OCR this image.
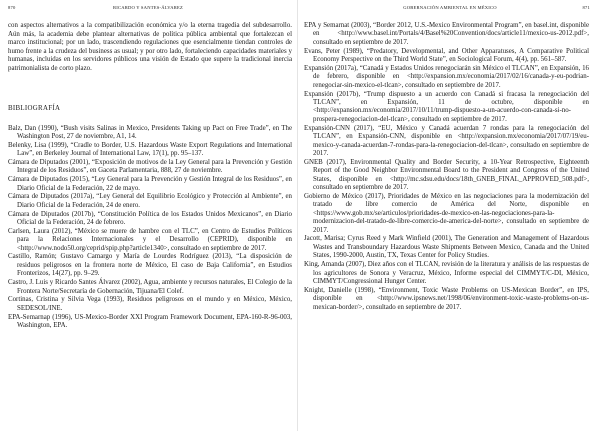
870	RICARDO Y SANTES-ÁLVAREZ

con aspectos alternativos a la compatibilización económica y/o la eterna tragedia del subdesarrollo. Aún más, la academia debe plantear alternativas de política pública ambiental que fortalezcan el marco institucional; por un lado, trascendiendo regulaciones que esencialmente tiendan controles de humo frente a la crudeza del business as usual; y por otro lado, fortaleciendo capacidades materiales y humanas, incluidas en los servidores públicos una visión de Estado que supere la tradicional inercia patrimonialista de corto plazo.

BIBLIOGRAFÍA

Balz, Dan (1990), “Bush visits Salinas in Mexico, Presidents Taking up Pact on Free Trade”, en The Washington Post, 27 de noviembre, A1, 14.

Belenky, Lisa (1999), “Cradle to Border, U.S. Hazardous Waste Export Regulations and International Law”, en Berkeley Journal of International Law, 17(1), pp. 95–137.

Cámara de Diputados (2001), “Exposición de motivos de la Ley General para la Prevención y Gestión Integral de los Residuos”, en Gaceta Parlamentaria, 888, 27 de noviembre.

Cámara de Diputados (2015), “Ley General para la Prevención y Gestión Integral de los Residuos”, en Diario Oficial de la Federación, 22 de mayo.

Cámara de Diputados (2017a), “Ley General del Equilibrio Ecológico y Protección al Ambiente”, en Diario Oficial de la Federación, 24 de enero.

Cámara de Diputados (2017b), “Constitución Política de los Estados Unidos Mexicanos”, en Diario Oficial de la Federación, 24 de febrero.

Carlsen, Laura (2012), “México se muere de hambre con el TLC”, en Centro de Estudios Políticos para la Relaciones Internacionales y el Desarrollo (CEPRID), disponible en <http://www.nodo50.org/ceprid/spip.php?article1340>, consultado en septiembre de 2017.

Castillo, Ramón; Gustavo Camargo y María de Lourdes Rodríguez (2013), “La disposición de residuos peligrosos en la frontera norte de México, El caso de Baja California”, en Estudios Fronterizos, 14(27), pp. 9–29.

Castro, J. Luis y Ricardo Santes Álvarez (2002), Agua, ambiente y recursos naturales, El Colegio de la Frontera Norte/Secretaría de Gobernación, Tijuana/El Colef.

Cortinas, Cristina y Silvia Vega (1993), Residuos peligrosos en el mundo y en México, México, SEDESOL/INE.

EPA-Semarnap (1996), US-Mexico-Border XXI Program Framework Document, EPA-160-R-96-003, Washington, EPA.

GOBERNACIÓN AMBIENTAL EN MÉXICO	871

EPA y Semarnat (2003), “Border 2012, U.S.-Mexico Environmental Program”, en basel.int, disponible en <http://www.basel.int/Portals/4/Basel%20Convention/docs/article11/mexico-us-2012.pdf>, consultado en septiembre de 2017.

Evans, Peter (1989), “Predatory, Developmental, and Other Apparatuses, A Comparative Political Economy Perspective on the Third World State”, en Sociological Forum, 4(4), pp. 561–587.

Expansión (2017a), “Canadá y Estados Unidos renegociarán sin México el TLCAN”, en Expansión, 16 de febrero, disponible en <http://expansion.mx/economia/2017/02/16/canada-y-eu-podrian-renegociar-sin-mexico-el-tlcan>, consultado en septiembre de 2017.

Expansión (2017b), “Trump dispuesto a un acuerdo con Canadá si fracasa la renegociación del TLCAN”, en Expansión, 11 de octubre, disponible en <http://expansion.mx/economia/2017/10/11/trump-dispuesto-a-un-acuerdo-con-canada-si-no-prospera-renegociacion-del-tlcan>, consultado en septiembre de 2017.

Expansión-CNN (2017), “EU, México y Canadá acuerdan 7 rondas para la renegociación del TLCAN”, en Expansión-CNN, disponible en <http://expansion.mx/economia/2017/07/19/eu-mexico-y-canada-acuerdan-7-rondas-para-la-renegociacion-del-tlcan>, consultado en septiembre de 2017.

GNEB (2017), Environmental Quality and Border Security, a 10-Year Retrospective, Eighteenth Report of the Good Neighbor Environmental Board to the President and Congress of the United States, disponible en <http://mc.sdsu.edu/docs/18th_GNEB_FINAL_APPROVED_508.pdf>, consultado en septiembre de 2017.

Gobierno de México (2017), Prioridades de México en las negociaciones para la modernización del tratado de libre comercio de América del Norte, disponible en <https://www.gob.mx/se/articulos/prioridades-de-mexico-en-las-negociaciones-para-la-modernizacion-del-tratado-de-libre-comercio-de-america-del-norte>, consultado en septiembre de 2017.

Jacott, Marisa; Cyrus Reed y Mark Winfield (2001), The Generation and Management of Hazardous Wastes and Transboundary Hazardous Waste Shipments Between Mexico, Canada and the United States, 1990-2000, Austin, TX, Texas Center for Policy Studies.

King, Amanda (2007), Diez años con el TLCAN, revisión de la literatura y análisis de las respuestas de los agricultores de Sonora y Veracruz, México, Informe especial del CIMMYT/C-DI, México, CIMMYT/Congressional Hunger Center.

Knight, Danielle (1998), “Environment, Toxic Waste Problems on US-Mexican Border”, en IPS, disponible en <http://www.ipsnews.net/1998/06/environment-toxic-waste-problems-on-us-mexican-border/>, consultado en septiembre de 2017.
